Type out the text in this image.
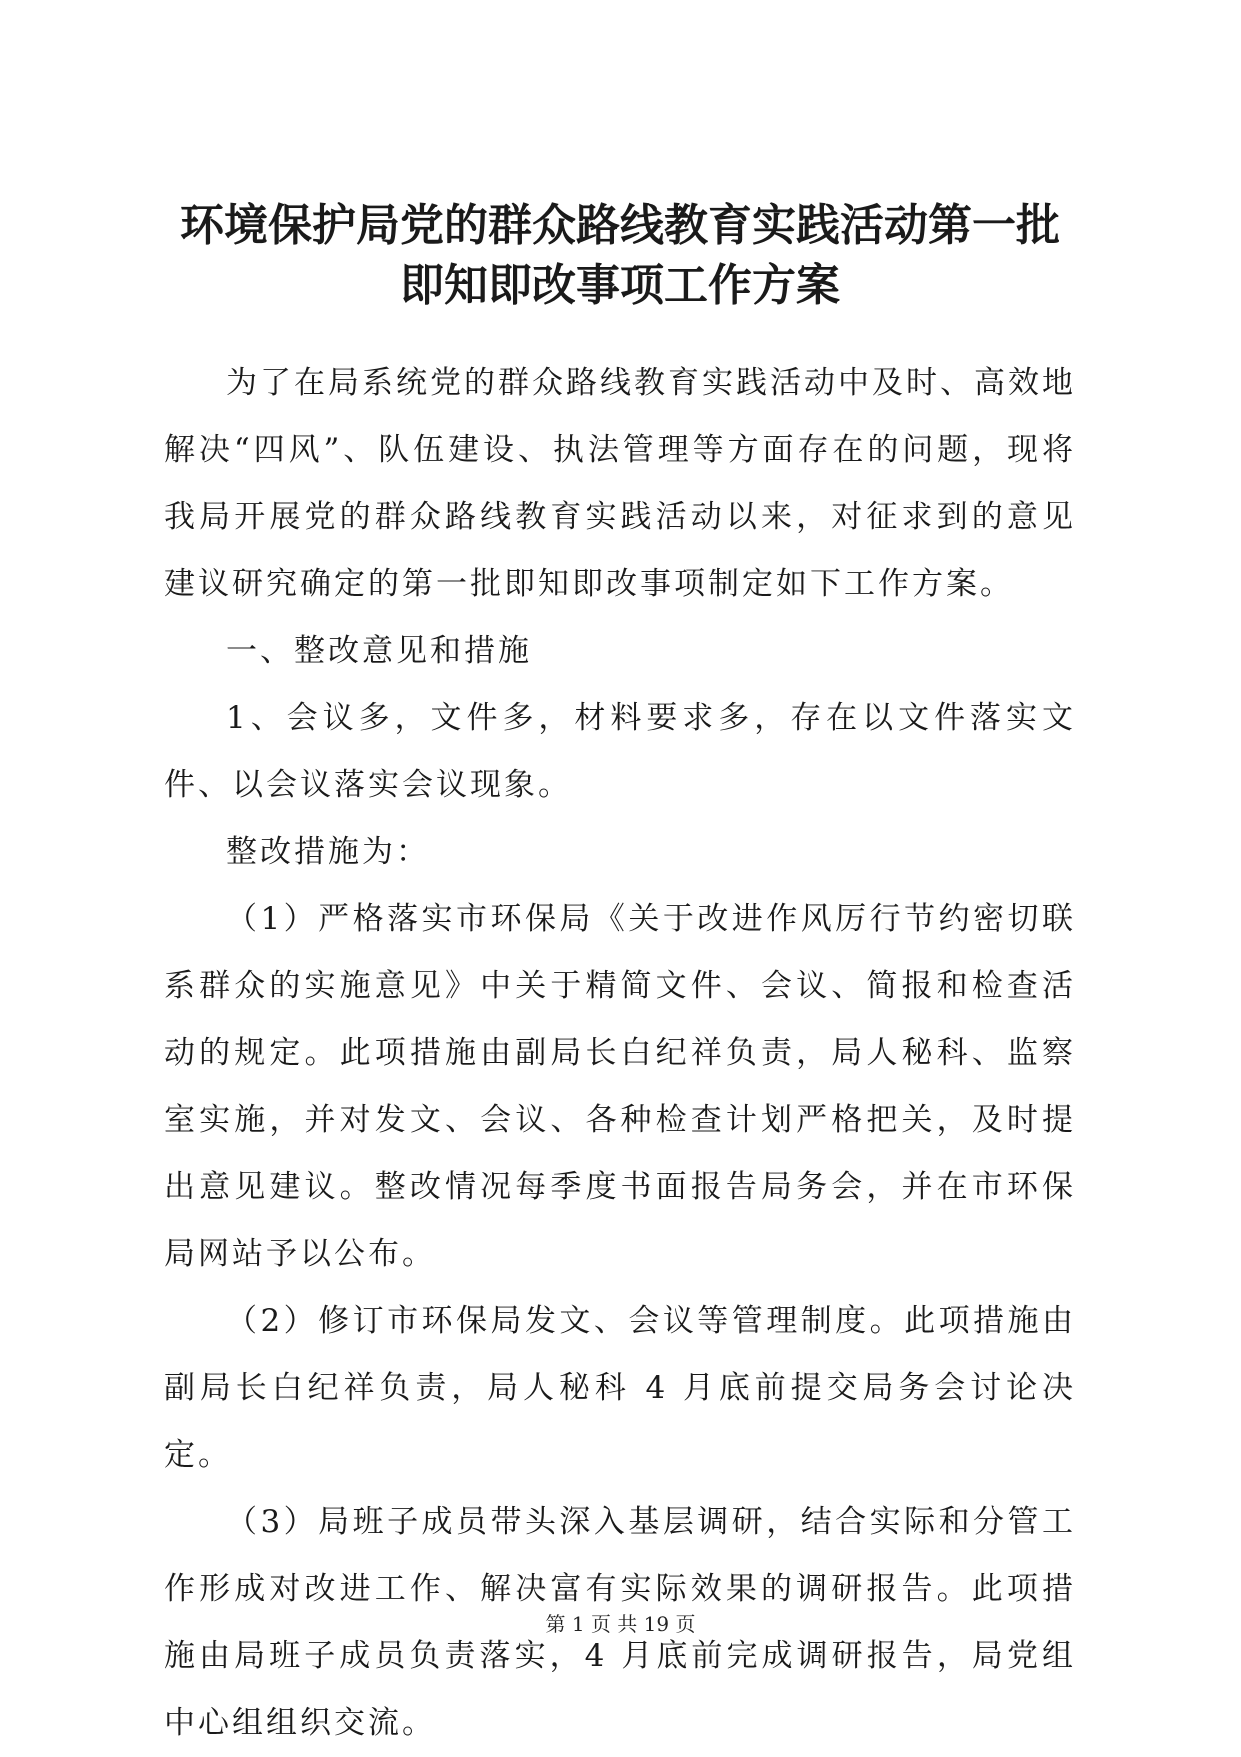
环境保护局党的群众路线教育实践活动第一批
即知即改事项工作方案

为了在局系统党的群众路线教育实践活动中及时、高效地解决“四风”、队伍建设、执法管理等方面存在的问题，现将我局开展党的群众路线教育实践活动以来，对征求到的意见建议研究确定的第一批即知即改事项制定如下工作方案。

一、整改意见和措施

1、会议多，文件多，材料要求多，存在以文件落实文件、以会议落实会议现象。

整改措施为：

（1）严格落实市环保局《关于改进作风厉行节约密切联系群众的实施意见》中关于精简文件、会议、简报和检查活动的规定。此项措施由副局长白纪祥负责，局人秘科、监察室实施，并对发文、会议、各种检查计划严格把关，及时提出意见建议。整改情况每季度书面报告局务会，并在市环保局网站予以公布。

（2）修订市环保局发文、会议等管理制度。此项措施由副局长白纪祥负责，局人秘科 4 月底前提交局务会讨论决定。

（3）局班子成员带头深入基层调研，结合实际和分管工作形成对改进工作、解决富有实际效果的调研报告。此项措施由局班子成员负责落实，4 月底前完成调研报告，局党组中心组组织交流。

第 1 页 共 19 页
